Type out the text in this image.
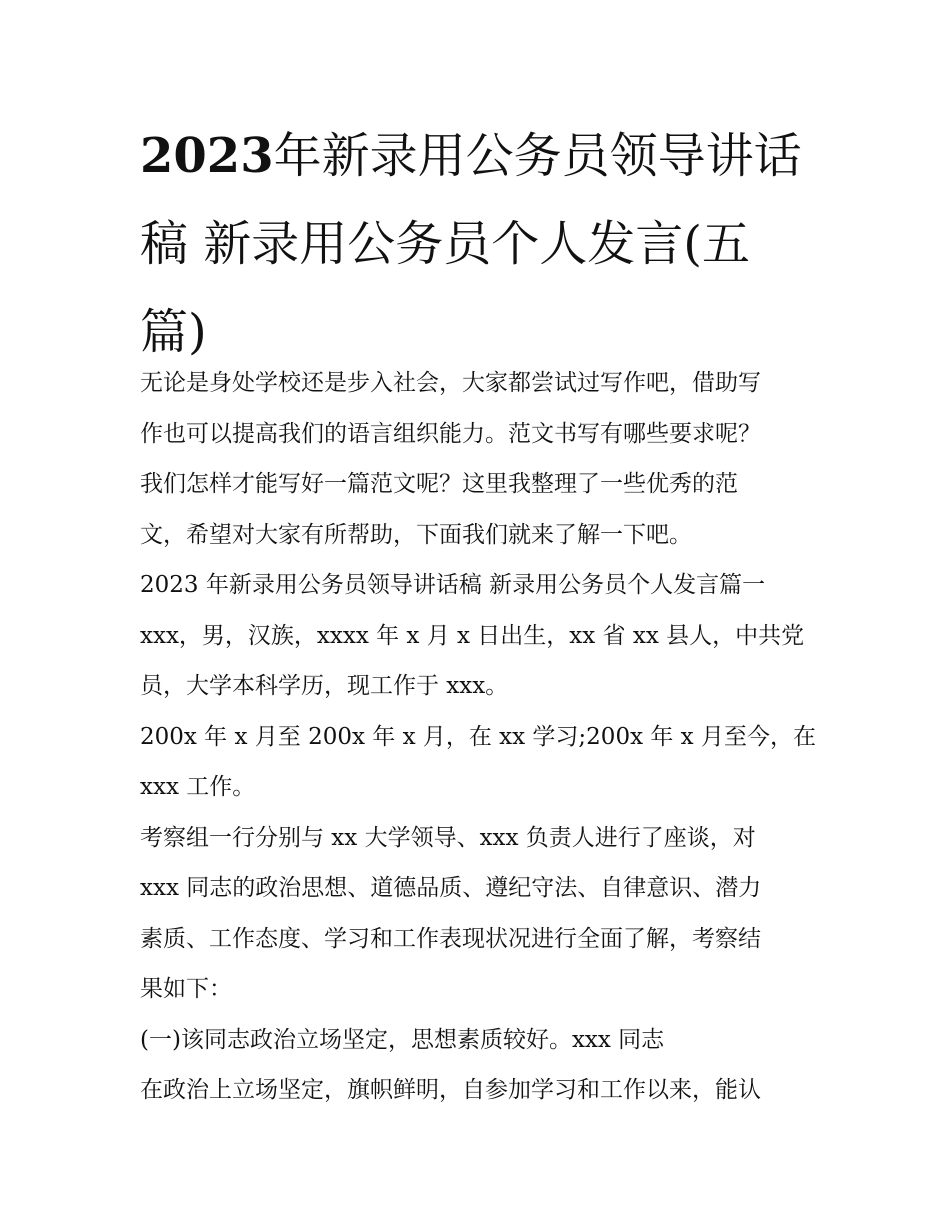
2023年新录用公务员领导讲话
稿 新录用公务员个人发言(五
篇)

无论是身处学校还是步入社会，大家都尝试过写作吧，借助写
作也可以提高我们的语言组织能力。范文书写有哪些要求呢？
我们怎样才能写好一篇范文呢？这里我整理了一些优秀的范
文，希望对大家有所帮助，下面我们就来了解一下吧。

2023 年新录用公务员领导讲话稿 新录用公务员个人发言篇一

xxx，男，汉族，xxxx 年 x 月 x 日出生，xx 省 xx 县人，中共党
员，大学本科学历，现工作于 xxx。

200x 年 x 月至 200x 年 x 月，在 xx 学习;200x 年 x 月至今，在
xxx 工作。

考察组一行分别与 xx 大学领导、xxx 负责人进行了座谈，对
xxx 同志的政治思想、道德品质、遵纪守法、自律意识、潜力
素质、工作态度、学习和工作表现状况进行全面了解，考察结
果如下：

(一)该同志政治立场坚定，思想素质较好。xxx 同志

在政治上立场坚定，旗帜鲜明，自参加学习和工作以来，能认
